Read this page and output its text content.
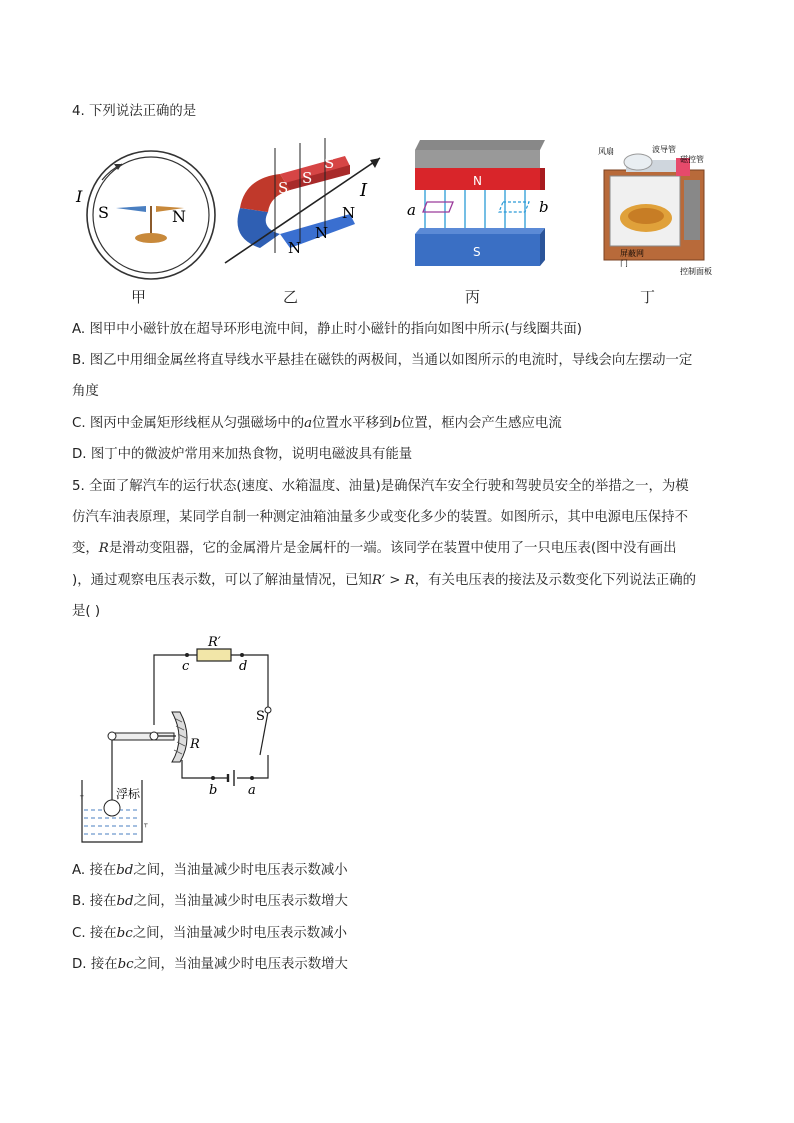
4. 下列说法正确的是
I
S	N
甲
S
S
S
N
N
N
I
乙
N
a	b
S
丙
风扇	波导管
磁控管
屏蔽网
门
控制面板
丁
A. 图甲中小磁针放在超导环形电流中间，静止时小磁针的指向如图中所示(与线圈共面)
B. 图乙中用细金属丝将直导线水平悬挂在磁铁的两极间，当通以如图所示的电流时，导线会向左摆动一定
角度
C. 图丙中金属矩形线框从匀强磁场中的a位置水平移到b位置，框内会产生感应电流
D. 图丁中的微波炉常用来加热食物，说明电磁波具有能量
5. 全面了解汽车的运行状态(速度、水箱温度、油量)是确保汽车安全行驶和驾驶员安全的举措之一，为模
仿汽车油表原理，某同学自制一种测定油箱油量多少或变化多少的装置。如图所示，其中电源电压保持不
变，R是滑动变阻器，它的金属滑片是金属杆的一端。该同学在装置中使用了一只电压表(图中没有画出
)，通过观察电压表示数，可以了解油量情况，已知R′ > R，有关电压表的接法及示数变化下列说法正确的
是( )
┬
┬
R′
c	d
S
R
b a
浮标
A. 接在bd之间，当油量减少时电压表示数减小
B. 接在bd之间，当油量减少时电压表示数增大
C. 接在bc之间，当油量减少时电压表示数减小
D. 接在bc之间，当油量减少时电压表示数增大
